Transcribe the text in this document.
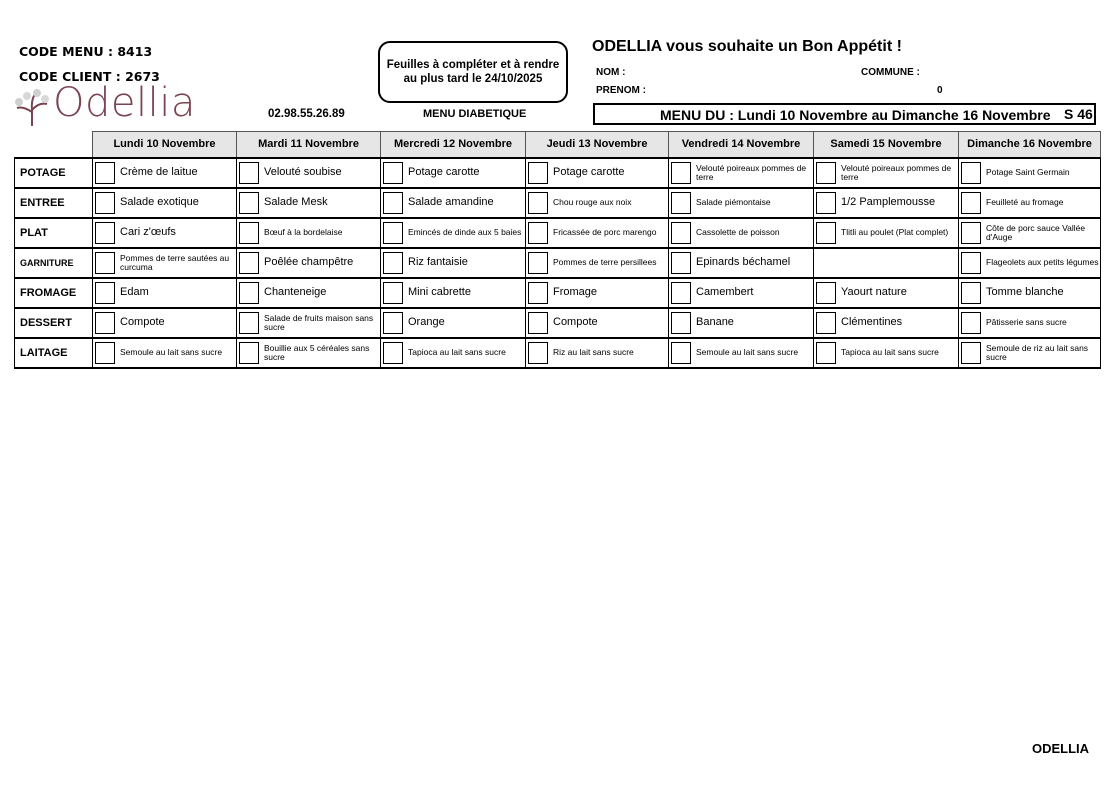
CODE MENU : 8413
CODE CLIENT : 2673
Odellia
Feuilles à compléter et à rendre au plus tard le 24/10/2025
02.98.55.26.89	MENU DIABETIQUE
ODELLIA vous souhaite un Bon Appétit !
NOM :	COMMUNE :
0
PRENOM :
MENU DU : Lundi 10 Novembre au Dimanche 16 Novembre S 46
	Lundi 10 Novembre	Mardi 11 Novembre	Mercredi 12 Novembre	Jeudi 13 Novembre	Vendredi 14 Novembre	Samedi 15 Novembre	Dimanche 16 Novembre
POTAGE	Crème de laitue	Velouté soubise	Potage carotte	Potage carotte	Velouté poireaux pommes de terre	Velouté poireaux pommes de terre	Potage Saint Germain

ENTREE	Salade exotique	Salade Mesk	Salade amandine	Chou rouge aux noix	Salade piémontaise	1/2 Pamplemousse	Feuilleté au fromage

PLAT	Cari z'œufs	Bœuf à la bordelaise	Emincés de dinde aux 5 baies	Fricassée de porc marengo	Cassolette de poisson	Tlitli au poulet (Plat complet)	Côte de porc sauce Vallée d'Auge

GARNITURE	Pommes de terre sautées au curcuma	Poêlée champêtre	Riz fantaisie	Pommes de terre persillees	Epinards béchamel		Flageolets aux petits légumes

FROMAGE	Edam	Chanteneige	Mini cabrette	Fromage	Camembert	Yaourt nature	Tomme blanche

DESSERT	Compote	Salade de fruits maison sans sucre	Orange	Compote	Banane	Clémentines	Pâtisserie sans sucre

LAITAGE	Semoule au lait sans sucre	Bouillie aux 5 céréales sans sucre	Tapioca au lait sans sucre	Riz au lait sans sucre	Semoule au lait sans sucre	Tapioca au lait sans sucre	Semoule de riz au lait sans sucre
ODELLIA
